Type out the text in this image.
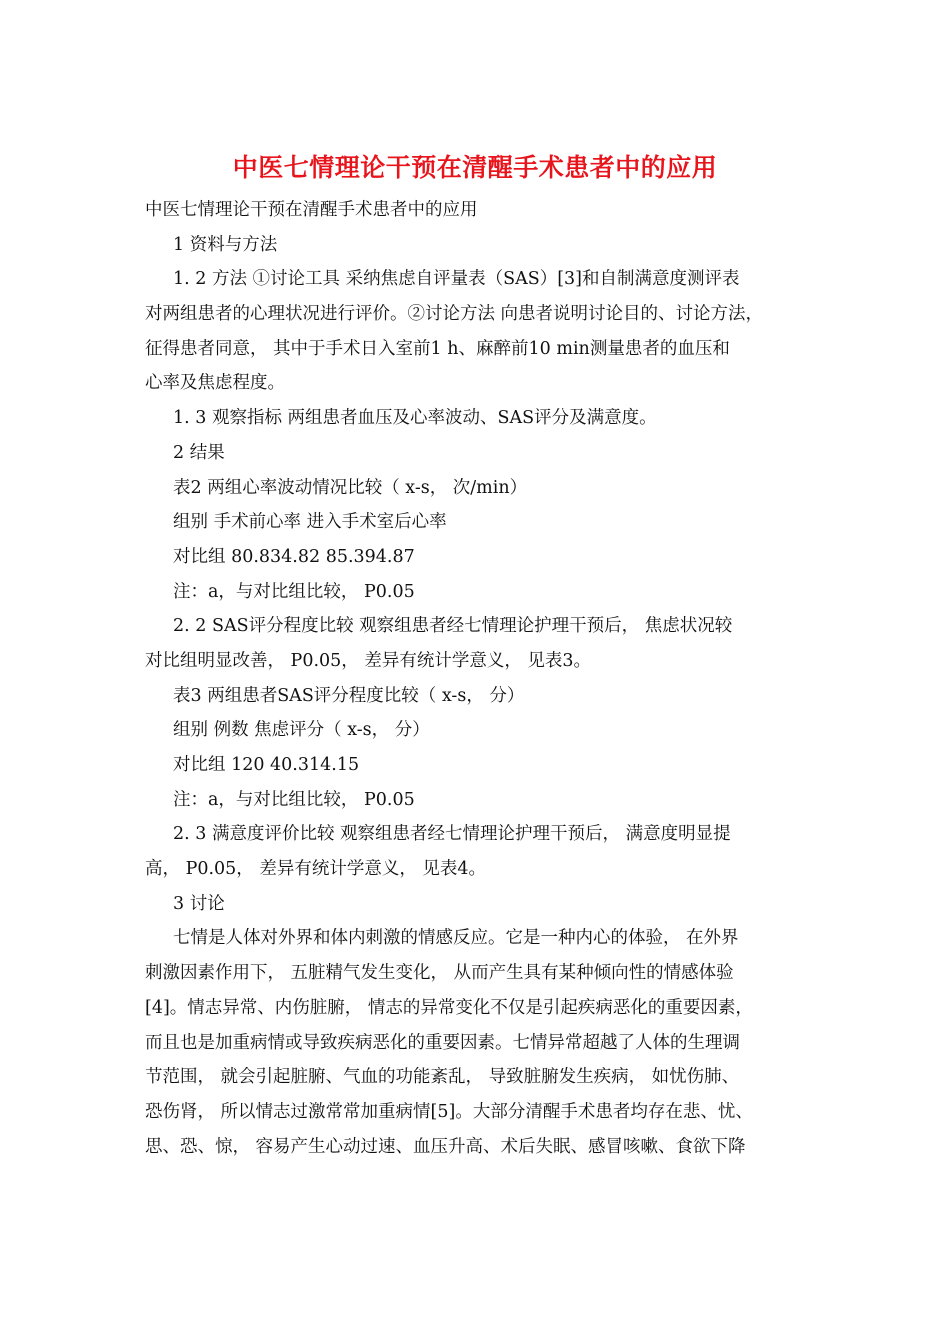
中医七情理论干预在清醒手术患者中的应用
中医七情理论干预在清醒手术患者中的应用
1 资料与方法
1. 2 方法 ①讨论工具 采纳焦虑自评量表（SAS）[3]和自制满意度测评表
对两组患者的心理状况进行评价。②讨论方法 向患者说明讨论目的、讨论方法，
征得患者同意， 其中于手术日入室前1 h、麻醉前10 min测量患者的血压和
心率及焦虑程度。
1. 3 观察指标 两组患者血压及心率波动、SAS评分及满意度。
2 结果
表2 两组心率波动情况比较（ x-s， 次/min）
组别 手术前心率 进入手术室后心率
对比组 80.834.82 85.394.87
注：a，与对比组比较， P0.05
2. 2 SAS评分程度比较 观察组患者经七情理论护理干预后， 焦虑状况较
对比组明显改善， P0.05， 差异有统计学意义， 见表3。
表3 两组患者SAS评分程度比较（ x-s， 分）
组别 例数 焦虑评分（ x-s， 分）
对比组 120 40.314.15
注：a，与对比组比较， P0.05
2. 3 满意度评价比较 观察组患者经七情理论护理干预后， 满意度明显提
高， P0.05， 差异有统计学意义， 见表4。
3 讨论
七情是人体对外界和体内刺激的情感反应。它是一种内心的体验， 在外界
刺激因素作用下， 五脏精气发生变化， 从而产生具有某种倾向性的情感体验
[4]。情志异常、内伤脏腑， 情志的异常变化不仅是引起疾病恶化的重要因素，
而且也是加重病情或导致疾病恶化的重要因素。七情异常超越了人体的生理调
节范围， 就会引起脏腑、气血的功能紊乱， 导致脏腑发生疾病， 如忧伤肺、
恐伤肾， 所以情志过激常常加重病情[5]。大部分清醒手术患者均存在悲、忧、
思、恐、惊， 容易产生心动过速、血压升高、术后失眠、感冒咳嗽、食欲下降
